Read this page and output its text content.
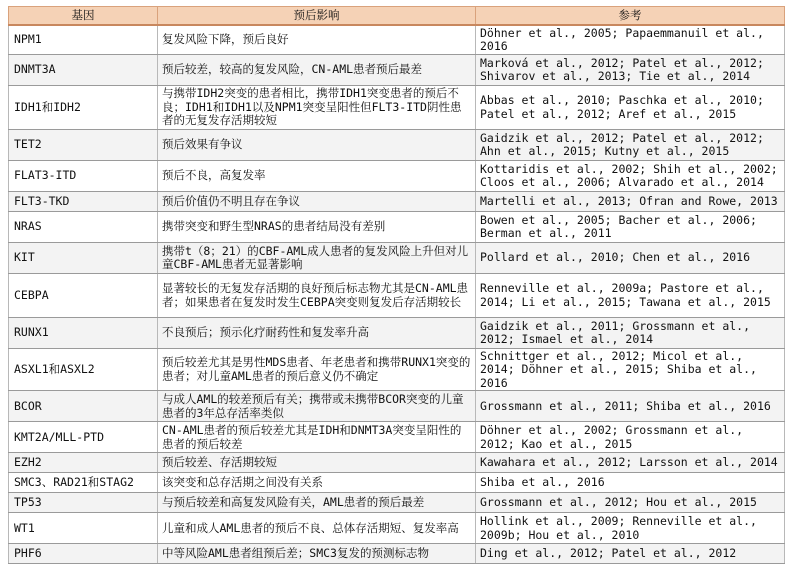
基因	预后影响	参考
NPM1	复发风险下降，预后良好	Döhner et al., 2005; Papaemmanuil et al., 2016
DNMT3A	预后较差，较高的复发风险，CN-AML患者预后最差	Marková et al., 2012; Patel et al., 2012; Shivarov et al., 2013; Tie et al., 2014
IDH1和IDH2	与携带IDH2突变的患者相比，携带IDH1突变患者的预后不良；IDH1和IDH1以及NPM1突变呈阳性但FLT3-ITD阴性患者的无复发存活期较短	Abbas et al., 2010; Paschka et al., 2010; Patel et al., 2012; Aref et al., 2015
TET2	预后效果有争议	Gaidzik et al., 2012; Patel et al., 2012; Ahn et al., 2015; Kutny et al., 2015
FLAT3-ITD	预后不良，高复发率	Kottaridis et al., 2002; Shih et al., 2002; Cloos et al., 2006; Alvarado et al., 2014
FLT3-TKD	预后价值仍不明且存在争议	Martelli et al., 2013; Ofran and Rowe, 2013
NRAS	携带突变和野生型NRAS的患者结局没有差别	Bowen et al., 2005; Bacher et al., 2006; Berman et al., 2011
KIT	携带t（8；21）的CBF-AML成人患者的复发风险上升但对儿童CBF-AML患者无显著影响	Pollard et al., 2010; Chen et al., 2016
CEBPA	显著较长的无复发存活期的良好预后标志物尤其是CN-AML患者；如果患者在复发时发生CEBPA突变则复发后存活期较长	Renneville et al., 2009a; Pastore et al., 2014; Li et al., 2015; Tawana et al., 2015
RUNX1	不良预后；预示化疗耐药性和复发率升高	Gaidzik et al., 2011; Grossmann et al., 2012; Ismael et al., 2014
ASXL1和ASXL2	预后较差尤其是男性MDS患者、年老患者和携带RUNX1突变的患者；对儿童AML患者的预后意义仍不确定	Schnittger et al., 2012; Micol et al., 2014; Döhner et al., 2015; Shiba et al., 2016
BCOR	与成人AML的较差预后有关；携带或未携带BCOR突变的儿童患者的3年总存活率类似	Grossmann et al., 2011; Shiba et al., 2016
KMT2A/MLL-PTD	CN-AML患者的预后较差尤其是IDH和DNMT3A突变呈阳性的患者的预后较差	Döhner et al., 2002; Grossmann et al., 2012; Kao et al., 2015
EZH2	预后较差、存活期较短	Kawahara et al., 2012; Larsson et al., 2014
SMC3、RAD21和STAG2	该突变和总存活期之间没有关系	Shiba et al., 2016
TP53	与预后较差和高复发风险有关，AML患者的预后最差	Grossmann et al., 2012; Hou et al., 2015
WT1	儿童和成人AML患者的预后不良、总体存活期短、复发率高	Hollink et al., 2009; Renneville et al., 2009b; Hou et al., 2010
PHF6	中等风险AML患者组预后差；SMC3复发的预测标志物	Ding et al., 2012; Patel et al., 2012
